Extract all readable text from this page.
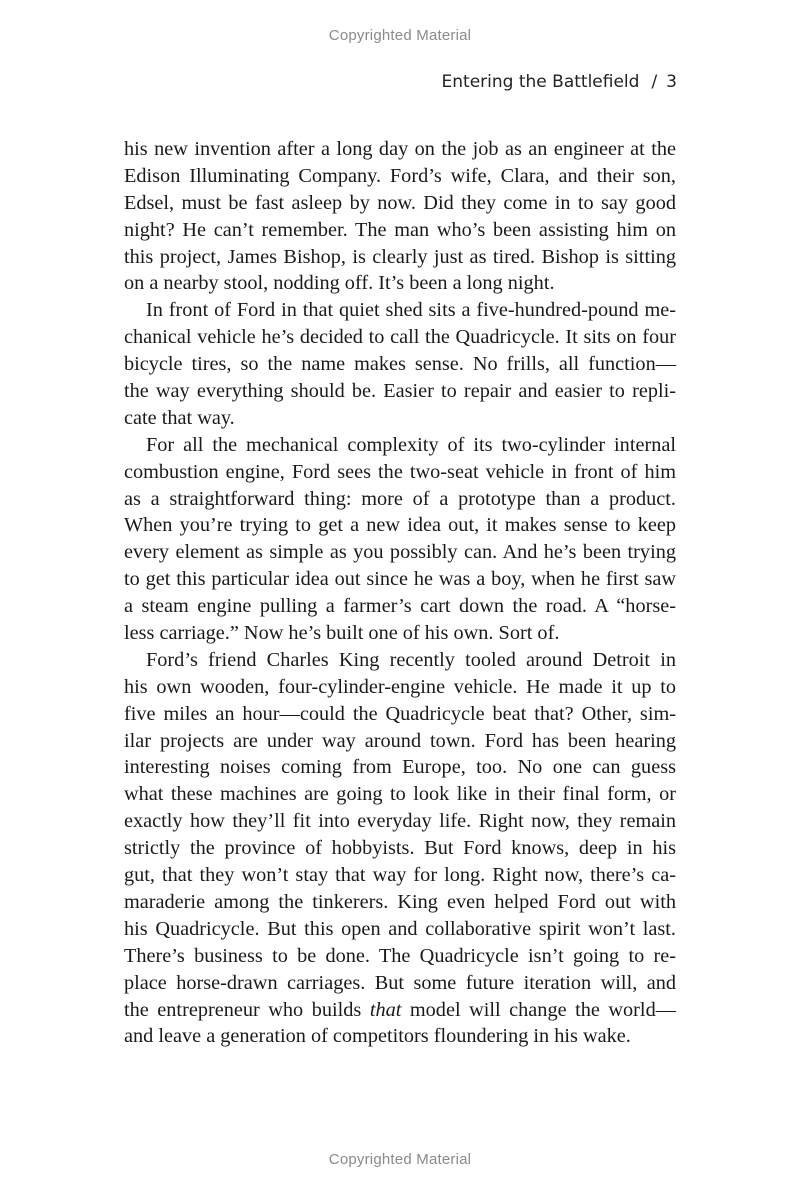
Copyrighted Material
Entering the Battlefield / 3
his new invention after a long day on the job as an engineer at the
Edison Illuminating Company. Ford’s wife, Clara, and their son,
Edsel, must be fast asleep by now. Did they come in to say good
night? He can’t remember. The man who’s been assisting him on
this project, James Bishop, is clearly just as tired. Bishop is sitting
on a nearby stool, nodding off. It’s been a long night.
In front of Ford in that quiet shed sits a five-hundred-pound me-
chanical vehicle he’s decided to call the Quadricycle. It sits on four
bicycle tires, so the name makes sense. No frills, all function—
the way everything should be. Easier to repair and easier to repli-
cate that way.
For all the mechanical complexity of its two-cylinder internal
combustion engine, Ford sees the two-seat vehicle in front of him
as a straightforward thing: more of a prototype than a product.
When you’re trying to get a new idea out, it makes sense to keep
every element as simple as you possibly can. And he’s been trying
to get this particular idea out since he was a boy, when he first saw
a steam engine pulling a farmer’s cart down the road. A “horse-
less carriage.” Now he’s built one of his own. Sort of.
Ford’s friend Charles King recently tooled around Detroit in
his own wooden, four-cylinder-engine vehicle. He made it up to
five miles an hour—could the Quadricycle beat that? Other, sim-
ilar projects are under way around town. Ford has been hearing
interesting noises coming from Europe, too. No one can guess
what these machines are going to look like in their final form, or
exactly how they’ll fit into everyday life. Right now, they remain
strictly the province of hobbyists. But Ford knows, deep in his
gut, that they won’t stay that way for long. Right now, there’s ca-
maraderie among the tinkerers. King even helped Ford out with
his Quadricycle. But this open and collaborative spirit won’t last.
There’s business to be done. The Quadricycle isn’t going to re-
place horse-drawn carriages. But some future iteration will, and
the entrepreneur who builds that model will change the world—
and leave a generation of competitors floundering in his wake.
Copyrighted Material
